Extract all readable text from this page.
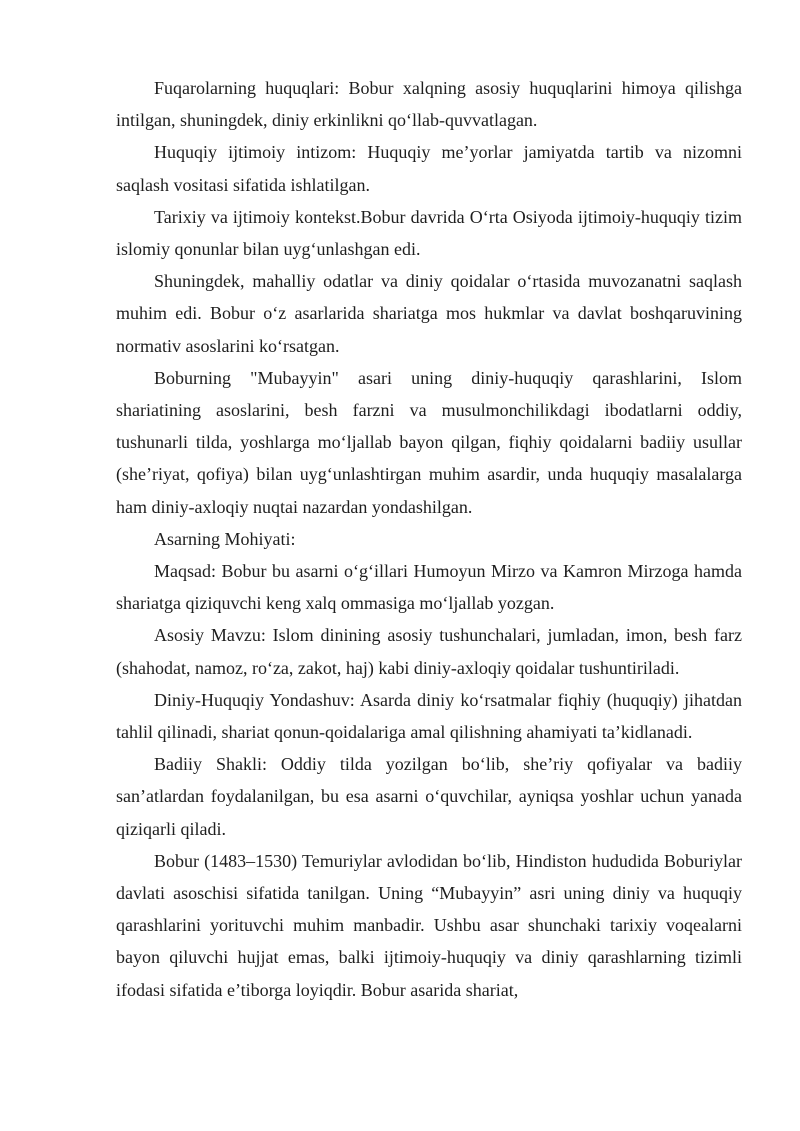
Fuqarolarning huquqlari: Bobur xalqning asosiy huquqlarini himoya qilishga intilgan, shuningdek, diniy erkinlikni qo‘llab-quvvatlagan.

Huquqiy ijtimoiy intizom: Huquqiy me’yorlar jamiyatda tartib va nizomni saqlash vositasi sifatida ishlatilgan.

Tarixiy va ijtimoiy kontekst.Bobur davrida O‘rta Osiyoda ijtimoiy-huquqiy tizim islomiy qonunlar bilan uyg‘unlashgan edi.

Shuningdek, mahalliy odatlar va diniy qoidalar o‘rtasida muvozanatni saqlash muhim edi. Bobur o‘z asarlarida shariatga mos hukmlar va davlat boshqaruvining normativ asoslarini ko‘rsatgan.

Boburning "Mubayyin" asari uning diniy-huquqiy qarashlarini, Islom shariatining asoslarini, besh farzni va musulmonchilikdagi ibodatlarni oddiy, tushunarli tilda, yoshlarga mo‘ljallab bayon qilgan, fiqhiy qoidalarni badiiy usullar (she’riyat, qofiya) bilan uyg‘unlashtirgan muhim asardir, unda huquqiy masalalarga ham diniy-axloqiy nuqtai nazardan yondashilgan.

Asarning Mohiyati:

Maqsad: Bobur bu asarni o‘g‘illari Humoyun Mirzo va Kamron Mirzoga hamda shariatga qiziquvchi keng xalq ommasiga mo‘ljallab yozgan.

Asosiy Mavzu: Islom dinining asosiy tushunchalari, jumladan, imon, besh farz (shahodat, namoz, ro‘za, zakot, haj) kabi diniy-axloqiy qoidalar tushuntiriladi.

Diniy-Huquqiy Yondashuv: Asarda diniy ko‘rsatmalar fiqhiy (huquqiy) jihatdan tahlil qilinadi, shariat qonun-qoidalariga amal qilishning ahamiyati ta’kidlanadi.

Badiiy Shakli: Oddiy tilda yozilgan bo‘lib, she’riy qofiyalar va badiiy san’atlardan foydalanilgan, bu esa asarni o‘quvchilar, ayniqsa yoshlar uchun yanada qiziqarli qiladi.

Bobur (1483–1530) Temuriylar avlodidan bo‘lib, Hindiston hududida Boburiylar davlati asoschisi sifatida tanilgan. Uning “Mubayyin” asri uning diniy va huquqiy qarashlarini yorituvchi muhim manbadir. Ushbu asar shunchaki tarixiy voqealarni bayon qiluvchi hujjat emas, balki ijtimoiy-huquqiy va diniy qarashlarning tizimli ifodasi sifatida e’tiborga loyiqdir. Bobur asarida shariat,
